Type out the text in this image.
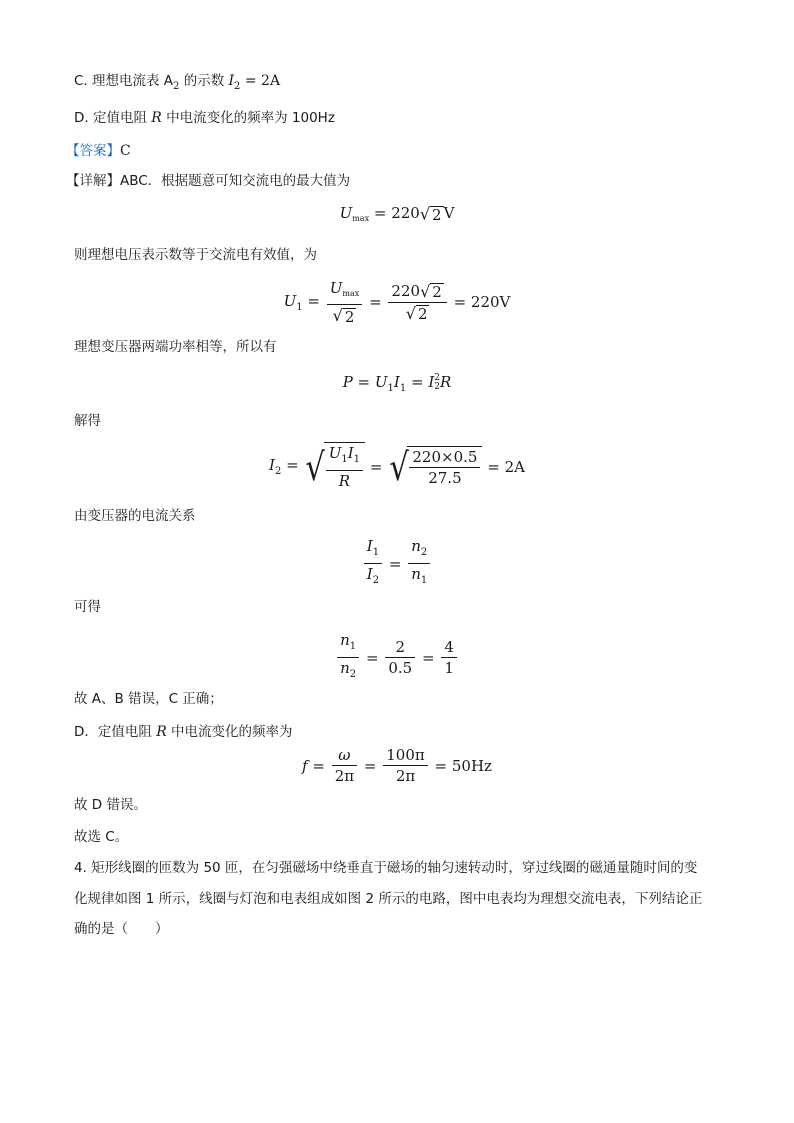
C. 理想电流表 $A_2$ 的示数 $I_2 = 2A$
D. 定值电阻 R 中电流变化的频率为 100Hz
【答案】C
【详解】ABC．根据题意可知交流电的最大值为
$U_{max} = 220√$ 2 V
则理想电压表示数等于交流电有效值，为
$U_1 = \frac{U_{max}}{√ 2} = \frac{220√ 2}{√ 2} = 220V$
理想变压器两端功率相等，所以有
$P = U_1I_1 = I$ 2
2 R
解得
$I_2$ = √ $\frac{U_1I_1}{R}$ = √ $\frac{220\times 0.5}{27.5} = 2A$
由变压器的电流关系
$\frac{I_1}{I_2} = \frac{n_2}{n_1}$
可得
$\frac{n_1}{n_2} = \frac{2}{0.5} = \frac{4}{1}$
故 A、B 错误，C 正确；
D．定值电阻 R 中电流变化的频率为
$f = \frac{\omega}{2\pi} = \frac{100\pi}{2\pi} = 50Hz$
故 D 错误。
故选 C。
4. 矩形线圈的匝数为 50 匝，在匀强磁场中绕垂直于磁场的轴匀速转动时，穿过线圈的磁通量随时间的变
化规律如图 1 所示，线圈与灯泡和电表组成如图 2 所示的电路，图中电表均为理想交流电表，下列结论正
确的是（　　）
